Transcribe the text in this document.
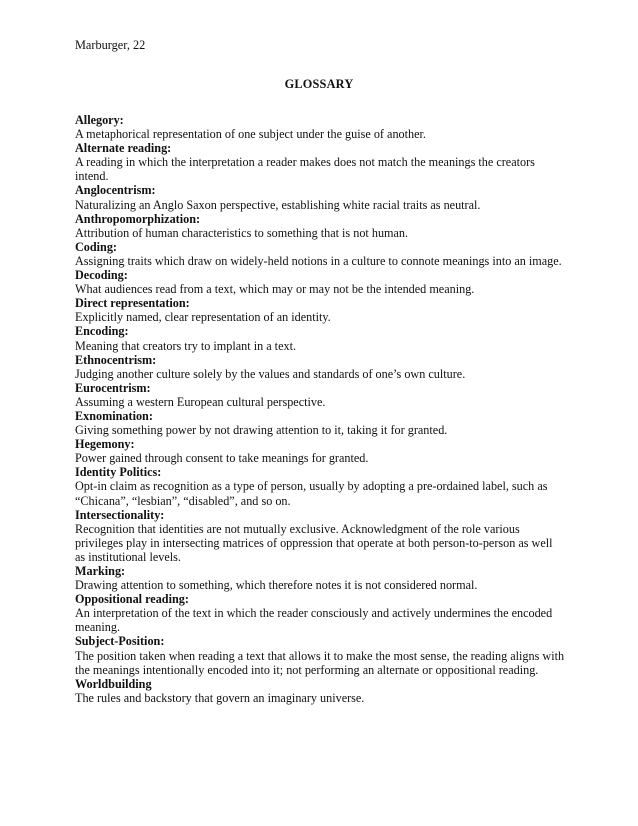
Marburger, 22
GLOSSARY
Allegory:
A metaphorical representation of one subject under the guise of another.
Alternate reading:
A reading in which the interpretation a reader makes does not match the meanings the creators intend.
Anglocentrism:
Naturalizing an Anglo Saxon perspective, establishing white racial traits as neutral.
Anthropomorphization:
Attribution of human characteristics to something that is not human.
Coding:
Assigning traits which draw on widely-held notions in a culture to connote meanings into an image.
Decoding:
What audiences read from a text, which may or may not be the intended meaning.
Direct representation:
Explicitly named, clear representation of an identity.
Encoding:
Meaning that creators try to implant in a text.
Ethnocentrism:
Judging another culture solely by the values and standards of one’s own culture.
Eurocentrism:
Assuming a western European cultural perspective.
Exnomination:
Giving something power by not drawing attention to it, taking it for granted.
Hegemony:
Power gained through consent to take meanings for granted.
Identity Politics:
Opt-in claim as recognition as a type of person, usually by adopting a pre-ordained label, such as “Chicana”, “lesbian”, “disabled”, and so on.
Intersectionality:
Recognition that identities are not mutually exclusive. Acknowledgment of the role various privileges play in intersecting matrices of oppression that operate at both person-to-person as well as institutional levels.
Marking:
Drawing attention to something, which therefore notes it is not considered normal.
Oppositional reading:
An interpretation of the text in which the reader consciously and actively undermines the encoded meaning.
Subject-Position:
The position taken when reading a text that allows it to make the most sense, the reading aligns with the meanings intentionally encoded into it; not performing an alternate or oppositional reading.
Worldbuilding
The rules and backstory that govern an imaginary universe.
